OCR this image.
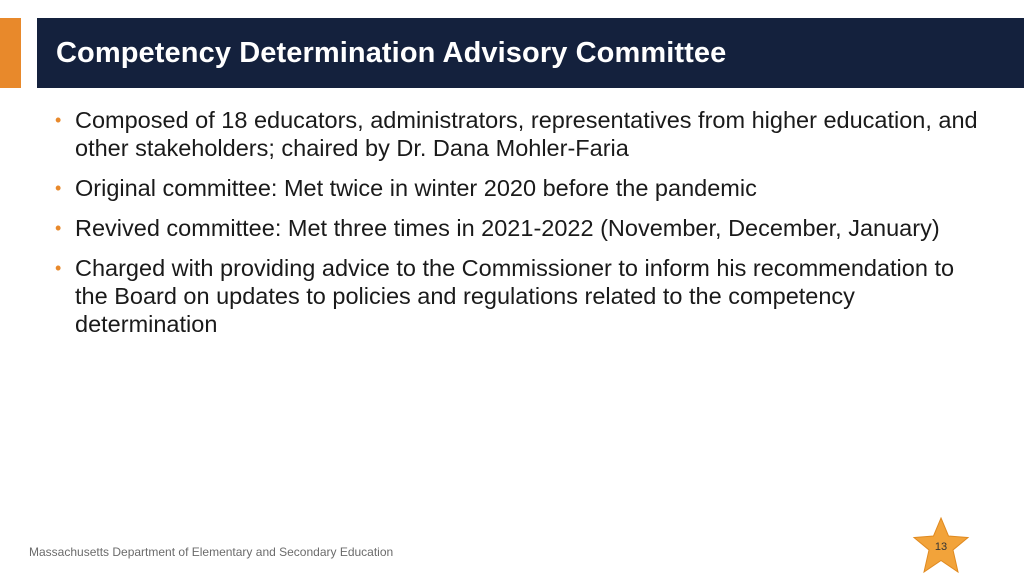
Competency Determination Advisory Committee
• Composed of 18 educators, administrators, representatives from higher education, and other stakeholders; chaired by Dr. Dana Mohler-Faria
• Original committee: Met twice in winter 2020 before the pandemic
• Revived committee: Met three times in 2021-2022 (November, December, January)
• Charged with providing advice to the Commissioner to inform his recommendation to the Board on updates to policies and regulations related to the competency determination
Massachusetts Department of Elementary and Secondary Education	13
